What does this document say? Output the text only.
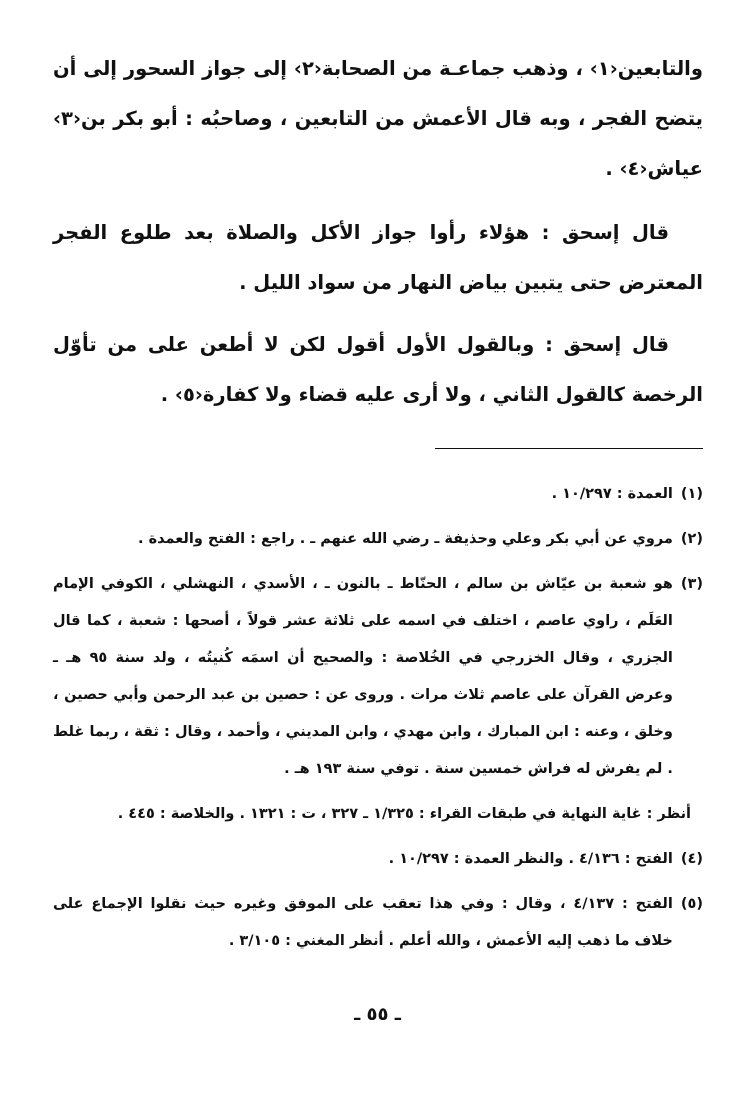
والتابعين‹١› ، وذهب جماعـة من الصحابة‹٢› إلى جواز السحور إلى أن يتضح الفجر ، وبه قال الأعمش من التابعين ، وصاحبُه : أبو بكر بن‹٣› عياش‹٤› .

قال إسحق : هؤلاء رأوا جواز الأكل والصلاة بعد طلوع الفجر المعترض حتى يتبين بياض النهار من سواد الليل .

قال إسحق : وبالقول الأول أقول لكن لا أطعن على من تأوّل الرخصة كالقول الثاني ، ولا أرى عليه قضاء ولا كفارة‹٥› .

(١)
العمدة : ١٠/٢٩٧ .

(٢)
مروي عن أبي بكر وعلي وحذيفة ـ رضي الله عنهم ـ . راجع : الفتح والعمدة .

(٣)
هو شعبة بن عيّاش بن سالم ، الحنّاط ـ بالنون ـ ، الأسدي ، النهشلي ، الكوفي الإمام العَلَم ، راوي عاصم ، اختلف في اسمه على ثلاثة عشر قولاً ، أصحها : شعبة ، كما قال الجزري ، وقال الخزرجي في الخُلاصة : والصحيح أن اسمَه كُنيتُه ، ولد سنة ٩٥ هـ ـ وعرض القرآن على عاصم ثلاث مرات . وروى عن : حصين بن عبد الرحمن وأبي حصين ، وخلق ، وعنه : ابن المبارك ، وابن مهدي ، وابن المديني ، وأحمد ، وقال : ثقة ، ربما غلط . لم يفرش له فراش خمسين سنة . توفي سنة ١٩٣ هـ .

أنظر : غاية النهاية في طبقات القراء : ١/٣٢٥ ـ ٣٢٧ ، ت : ١٣٢١ . والخلاصة : ٤٤٥ .

(٤)
الفتح : ٤/١٣٦ . والنظر العمدة : ١٠/٢٩٧ .

(٥)
الفتح : ٤/١٣٧ ، وقال : وفي هذا تعقب على الموفق وغيره حيث نقلوا الإجماع على خلاف ما ذهب إليه الأعمش ، والله أعلم . أنظر المغني : ٣/١٠٥ .

ـ ٥٥ ـ
